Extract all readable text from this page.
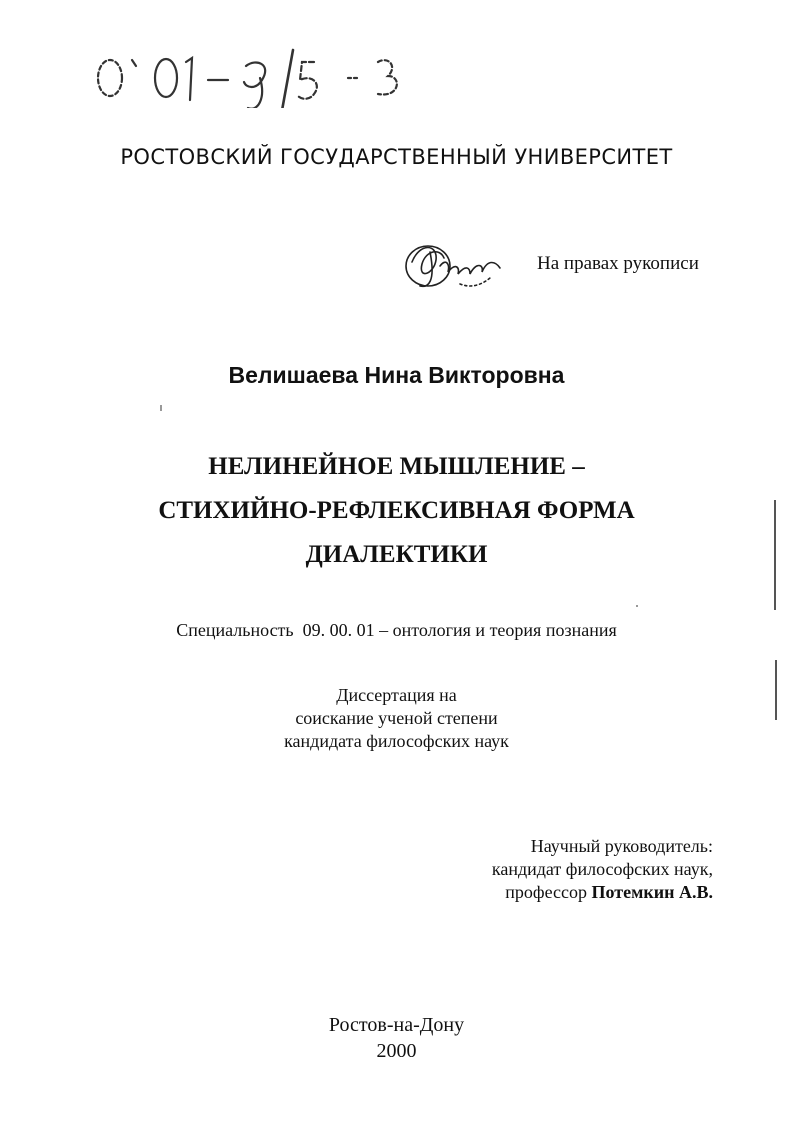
РОСТОВСКИЙ ГОСУДАРСТВЕННЫЙ УНИВЕРСИТЕТ
На правах рукописи
Велишаева Нина Викторовна
НЕЛИНЕЙНОЕ МЫШЛЕНИЕ –
СТИХИЙНО-РЕФЛЕКСИВНАЯ ФОРМА
ДИАЛЕКТИКИ
Специальность  09. 00. 01 – онтология и теория познания
Диссертация на
соискание ученой степени
кандидата философских наук
Научный руководитель:
кандидат философских наук,
профессор Потемкин А.В.
Ростов-на-Дону
2000
